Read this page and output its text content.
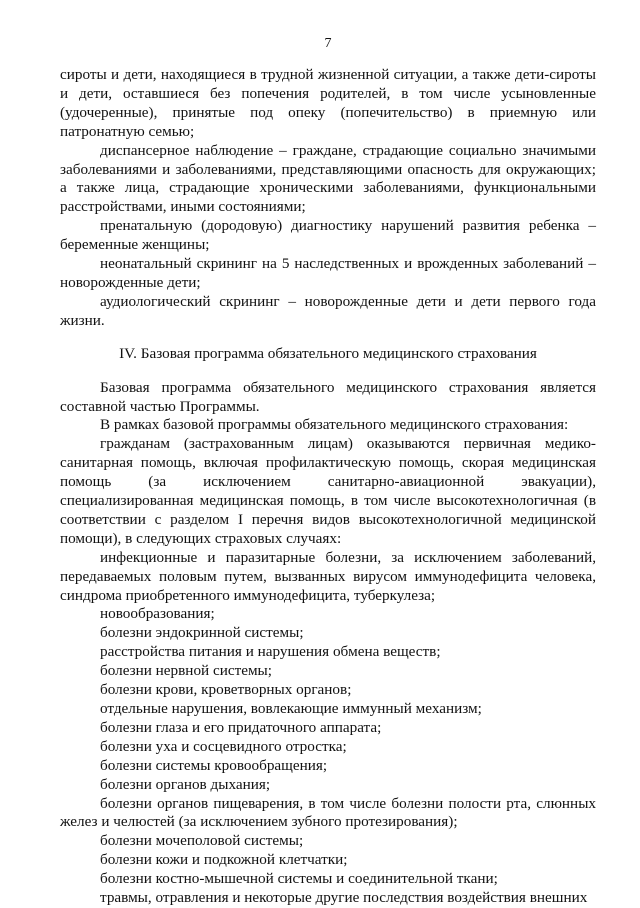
7

сироты и дети, находящиеся в трудной жизненной ситуации, а также дети-сироты и дети, оставшиеся без попечения родителей, в том числе усыновленные (удочеренные), принятые под опеку (попечительство) в приемную или патронатную семью;

диспансерное наблюдение – граждане, страдающие социально значимыми заболеваниями и заболеваниями, представляющими опасность для окружающих; а также лица, страдающие хроническими заболеваниями, функциональными расстройствами, иными состояниями;

пренатальную (дородовую) диагностику нарушений развития ребенка – беременные женщины;

неонатальный скрининг на 5 наследственных и врожденных заболеваний – новорожденные дети;

аудиологический скрининг – новорожденные дети и дети первого года жизни.

IV. Базовая программа обязательного медицинского страхования

Базовая программа обязательного медицинского страхования является составной частью Программы.

В рамках базовой программы обязательного медицинского страхования:

гражданам (застрахованным лицам) оказываются первичная медико-санитарная помощь, включая профилактическую помощь, скорая медицинская помощь (за исключением санитарно-авиационной эвакуации), специализированная медицинская помощь, в том числе высокотехнологичная (в соответствии с разделом I перечня видов высокотехнологичной медицинской помощи), в следующих страховых случаях:

инфекционные и паразитарные болезни, за исключением заболеваний, передаваемых половым путем, вызванных вирусом иммунодефицита человека, синдрома приобретенного иммунодефицита, туберкулеза;

новообразования;

болезни эндокринной системы;

расстройства питания и нарушения обмена веществ;

болезни нервной системы;

болезни крови, кроветворных органов;

отдельные нарушения, вовлекающие иммунный механизм;

болезни глаза и его придаточного аппарата;

болезни уха и сосцевидного отростка;

болезни системы кровообращения;

болезни органов дыхания;

болезни органов пищеварения, в том числе болезни полости рта, слюнных желез и челюстей (за исключением зубного протезирования);

болезни мочеполовой системы;

болезни кожи и подкожной клетчатки;

болезни костно-мышечной системы и соединительной ткани;

травмы, отравления и некоторые другие последствия воздействия внешних
